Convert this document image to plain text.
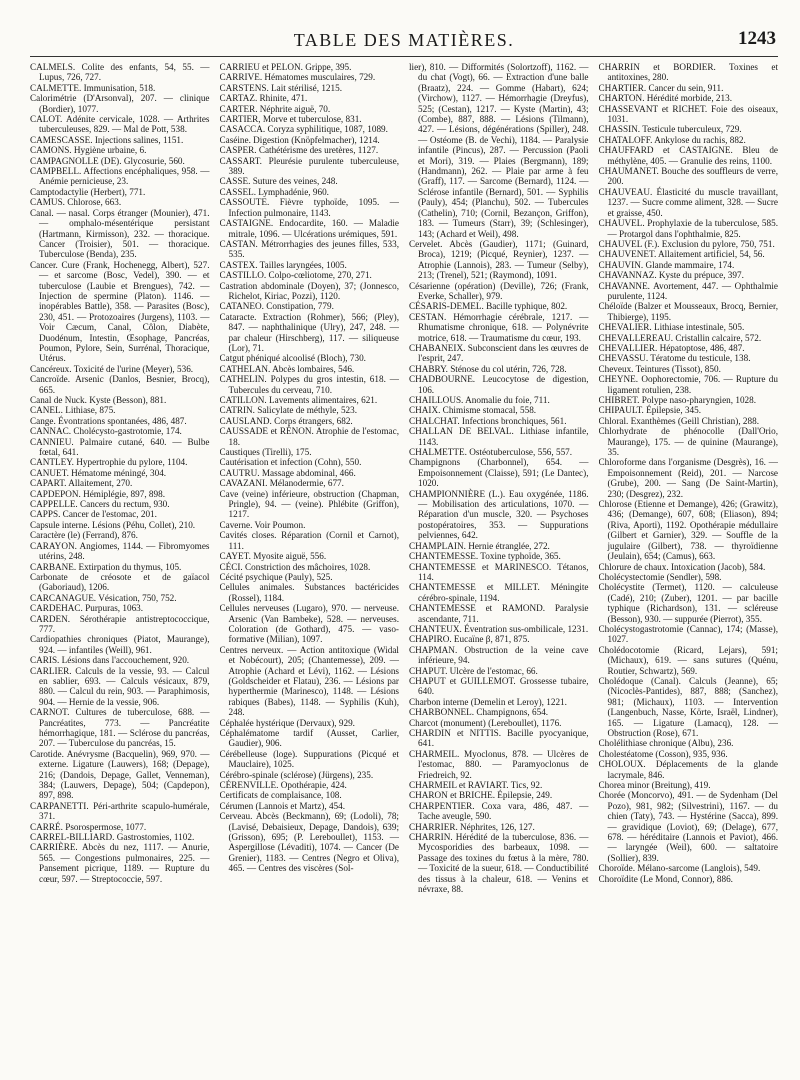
TABLE DES MATIÈRES.	1243

CALMELS. Colite des enfants, 54, 55. — Lupus, 726, 727.

CALMETTE. Immunisation, 518.

Calorimétrie (D'Arsonval), 207. — clinique (Bordier), 1077.

CALOT. Adénite cervicale, 1028. — Arthrites tuberculeuses, 829. — Mal de Pott, 538.

CAMESCASSE. Injections salines, 1151.

CAMONS. Hygiène urbaine, 6.

CAMPAGNOLLE (DE). Glycosurie, 560.

CAMPBELL. Affections encéphaliques, 958. — Anémie pernicieuse, 23.

Camptodactylie (Herbert), 771.

CAMUS. Chlorose, 663.

Canal. — nasal. Corps étranger (Mounier), 471. — omphalo-mésentérique persistant (Hartmann, Kirmisson), 232. — thoracique. Cancer (Troisier), 501. — thoracique. Tuberculose (Benda), 235.

Cancer. Cure (Frank, Hochenegg, Albert), 527. — et sarcome (Bosc, Vedel), 390. — et tuberculose (Laubie et Brengues), 742. — Injection de sperminе (Platon). 1146. — inopérables Battle), 358. — Parasites (Bosc), 230, 451. — Protozoaires (Jurgens), 1103. — Voir Cæcum, Canal, Côlon, Diabète, Duodénum, Intestin, Œsophage, Pancréas, Poumon, Pylore, Sein, Surrénal, Thoracique, Utérus.

Cancéreux. Toxicité de l'urine (Meyer), 536.

Cancroïde. Arsenic (Danlos, Besnier, Brocq), 665.

Canal de Nuck. Kyste (Besson), 881.

CANEL. Lithiase, 875.

Cange. Évontrations spontanées, 486, 487.

CANNAC. Cholécysto-gastrotomie, 174.

CANNIEU. Palmaire cutané, 640. — Bulbe fœtal, 641.

CANTLEY. Hypertrophie du pylore, 1104.

CANUET. Hématome méningé, 304.

CAPART. Allaitement, 270.

CAPDEPON. Hémiplégie, 897, 898.

CAPPELLE. Cancers du rectum, 930.

CAPPS. Cancer de l'estomac, 201.

Capsule interne. Lésions (Péhu, Collet), 210.

Caractère (le) (Ferrand), 876.

CARAYON. Angiomes, 1144. — Fibromyomes utérins, 248.

CARBANE. Extirpation du thymus, 105.

Carbonate de créosote et de gaïacol (Gaboriaud), 1206.

CARCANAGUE. Vésication, 750, 752.

CARDEHAC. Purpuras, 1063.

CARDEN. Sérothérapie antistreptococcique, 777.

Cardiopathies chroniques (Piatot, Maurange), 924. — infantiles (Weill), 961.

CARIS. Lésions dans l'accouchement, 920.

CARLIER. Calculs de la vessie, 93. — Calcul en sablier, 693. — Calculs vésicaux, 879, 880. — Calcul du rein, 903. — Paraphimosis, 904. — Hernie de la vessie, 906.

CARNOT. Cultures de tuberculose, 688. — Pancréatites, 773. — Pancréatite hémorrhagique, 181. — Sclérose du pancréas, 207. — Tuberculose du pancréas, 15.

Carotide. Anévrysme (Bacquelin), 969, 970. — externe. Ligature (Lauwers), 168; (Depage), 216; (Dandois, Depage, Gallet, Venneman), 384; (Lauwers, Depage), 504; (Capdepon), 897, 898.

CARPANETTI. Péri-arthrite scapulo-humérale, 371.

CARRÉ. Psorospermose, 1077.

CARREL-BILLIARD. Gastrostomies, 1102.

CARRIÈRE. Abcès du nez, 1117. — Anurie, 565. — Congestions pulmonaires, 225. — Pansement picrique, 1189. — Rupture du cœur, 597. — Streptococcie, 597.

CARRIEU et PELON. Grippe, 395.

CARRIVE. Hématomes musculaires, 729.

CARSTENS. Lait stérilisé, 1215.

CARTAZ. Rhinite, 471.

CARTER. Néphrite aiguë, 70.

CARTIER, Morve et tuberculose, 831.

CASACCA. Coryza syphilitique, 1087, 1089.

Caséine. Digestion (Knöpfelmacher), 1214.

CASPER. Cathétérisme des uretères, 1127.

CASSART. Pleurésie purulente tuberculeuse, 389.

CASSE. Suture des veines, 248.

CASSEL. Lymphadénie, 960.

CASSOUTE. Fièvre typhoïde, 1095. — Infection pulmonaire, 1143.

CASTAIGNE. Endocardite, 160. — Maladie mitrale, 1096. — Ulcérations urémiques, 591.

CASTAN. Métrorrhagies des jeunes filles, 533, 535.

CASTEX. Tailles laryngées, 1005.

CASTILLO. Colpo-cœliotome, 270, 271.

Castration abdominale (Doyen), 37; (Jonnesco, Richelot, Kiriac, Pozzi), 1120.

CATANEO. Constipation, 779.

Cataracte. Extraction (Rohmer), 566; (Pley), 847. — naphthalinique (Ulry), 247, 248. — par chaleur (Hirschberg), 117. — siliqueuse (Lor), 71.

Catgut phéniqué alcoolisé (Bloch), 730.

CATHELAN. Abcès lombaires, 546.

CATHELIN. Polypes du gros intestin, 618. — Tubercules du cerveau, 710.

CATILLON. Lavements alimentaires, 621.

CATRIN. Salicylate de méthyle, 523.

CAUSLAND. Corps étrangers, 682.

CAUSSADE et RÉNON. Atrophie de l'estomac, 18.

Caustiques (Tirelli), 175.

Cautérisation et infection (Cohn), 550.

CAUTRU. Massage abdominal, 466.

CAVAZANI. Mélanodermie, 677.

Cave (veine) inférieure, obstruction (Chapman, Pringle), 94. — (veine). Phlébite (Griffon), 1217.

Caverne. Voir Poumon.

Cavités closes. Réparation (Cornil et Carnot), 111.

CAYET. Myosite aiguë, 556.

CÉCI. Constriction des mâchoires, 1028.

Cécité psychique (Pauly), 525.

Cellules animales. Substances bactéricides (Rossel), 1184.

Cellules nerveuses (Lugaro), 970. — nerveuse. Arsenic (Van Bambeke), 528. — nerveuses. Coloration (de Gothard), 475. — vaso-formative (Milian), 1097.

Centres nerveux. — Action antitoxique (Widal et Nobécourt), 205; (Chantemesse), 209. — Atrophie (Achard et Lévi), 1162. — Lésions (Goldscheider et Flatau), 236. — Lésions par hyperthermie (Marinesco), 1148. — Lésions rabiques (Babes), 1148. — Syphilis (Kuh), 248.

Céphalée hystérique (Dervaux), 929.

Céphalématome tardif (Ausset, Carlier, Gaudier), 906.

Cérébelleuse (loge). Suppurations (Picqué et Mauclaire), 1025.

Cérébro-spinale (sclérose) (Jürgens), 235.

CÉRENVILLE. Opothérapie, 424.

Certificats de complaisance, 108.

Cérumen (Lannois et Martz), 454.

Cerveau. Abcès (Beckmann), 69; (Lodoli), 78; (Lavisé, Debaisieux, Depage, Dandois), 639; (Grisson), 695; (P. Lereboullet), 1153. — Aspergillose (Lévaditi), 1074. — Cancer (De Grenier), 1183. — Centres (Negro et Oliva), 465. — Centres des viscères (Sol-

lier), 810. — Difformités (Solortzoff), 1162. — du chat (Vogt), 66. — Extraction d'une balle (Braatz), 224. — Gomme (Habart), 624; (Virchow), 1127. — Hémorrhagie (Dreyfus), 525; (Cestan), 1217. — Kyste (Martin), 43; (Combe), 887, 888. — Lésions (Tilmann), 427. — Lésions, dégénérations (Spiller), 248. — Ostéome (B. de Vechi), 1184. — Paralysie infantile (Pincus), 287. — Percussion (Paoli et Mori), 319. — Plaies (Bergmann), 189; (Handmann), 262. — Plaie par arme à feu (Graff), 117. — Sarcome (Bernard), 1124. — Sclérose infantile (Bernard), 501. — Syphilis (Pauly), 454; (Planchu), 502. — Tubercules (Cathelin), 710; (Cornil, Bezançon, Griffon), 183. — Tumeurs (Starr), 39; (Schlesinger), 143; (Achard et Weil), 498.

Cervelet. Abcès (Gaudier), 1171; (Guinard, Broca), 1219; (Picqué, Reynier), 1237. — Atrophie (Lannois), 283. — Tumeur (Selby), 213; (Trenel), 521; (Raymond), 1091.

Césarienne (opération) (Deville), 726; (Frank, Everke, Schaller), 979.

CÉSARIS-DEMEL. Bacille typhique, 802.

CESTAN. Hémorrhagie cérébrale, 1217. — Rhumatisme chronique, 618. — Polynévrite motrice, 618. — Traumatisme du cœur, 193.

CHABANEIX. Subconscient dans les œuvres de l'esprit, 247.

CHABRY. Sténose du col utérin, 726, 728.

CHADBOURNE. Leucocytose de digestion, 106.

CHAILLOUS. Anomalie du foie, 711.

CHAIX. Chimisme stomacal, 558.

CHALCHAT. Infections bronchiques, 561.

CHALLAN DE BELVAL. Lithiase infantile, 1143.

CHALMETTE. Ostéotuberculose, 556, 557.

Champignons (Charbonnel), 654. — Empoisonnement (Claisse), 591; (Le Dantec), 1020.

CHAMPIONNIÈRE (L.). Eau oxygénée, 1186. — Mobilisation des articulations, 1070. — Réparation d'un muscle, 320. — Psychoses postopératoires, 353. — Suppurations pelviennes, 642.

CHAMPLAIN. Hernie étranglée, 272.

CHANTEMESSE. Toxine typhoïde, 365.

CHANTEMESSE et MARINESCO. Tétanos, 114.

CHANTEMESSE et MILLET. Méningite cérébro-spinale, 1194.

CHANTEMESSE et RAMOND. Paralysie ascendante, 711.

CHANTEUX. Éventration sus-ombilicale, 1231.

CHAPIRO. Eucaïne β, 871, 875.

CHAPMAN. Obstruction de la veine cave inférieure, 94.

CHAPUT. Ulcère de l'estomac, 66.

CHAPUT et GUILLEMOT. Grossesse tubaire, 640.

Charbon interne (Demelin et Leroy), 1221.

CHARBONNEL. Champignons, 654.

Charcot (monument) (Lereboullet), 1176.

CHARDIN et NITTIS. Bacille pyocyanique, 641.

CHARMEIL. Myoclonus, 878. — Ulcères de l'estomac, 880. — Paramyoclonus de Friedreich, 92.

CHARMEIL et RAVIART. Tics, 92.

CHARON et BRICHE. Épilepsie, 249.

CHARPENTIER. Coxa vara, 486, 487. — Tache aveugle, 590.

CHARRIER. Néphrites, 126, 127.

CHARRIN. Hérédité de la tuberculose, 836. — Mycosporidies des barbeaux, 1098. — Passage des toxines du fœtus à la mère, 780. — Toxicité de la sueur, 618. — Conductibilité des tissus à la chaleur, 618. — Venins et névraxe, 88.

CHARRIN et BORDIER. Toxines et antitoxines, 280.

CHARTIER. Cancer du sein, 911.

CHARTON. Hérédité morbide, 213.

CHASSEVANT et RICHET. Foie des oiseaux, 1031.

CHASSIN. Testicule tuberculeux, 729.

CHATALOFF. Ankylose du rachis, 882.

CHAUFFARD et CASTAIGNE. Bleu de méthylène, 405. — Granulie des reins, 1100.

CHAUMANET. Bouche des souffleurs de verre, 200.

CHAUVEAU. Élasticité du muscle travaillant, 1237. — Sucre comme aliment, 328. — Sucre et graisse, 450.

CHAUVEL. Prophylaxie de la tuberculose, 585. — Protargol dans l'ophthalmie, 825.

CHAUVEL (F.). Exclusion du pylore, 750, 751.

CHAUVENET. Allaitement artificiel, 54, 56.

CHAUVIN. Glande mammaire, 174.

CHAVANNAZ. Kyste du prépuce, 397.

CHAVANNE. Avortement, 447. — Ophthalmie purulente, 1124.

Chéloïde (Balzer et Mousseaux, Brocq, Bernier, Thibierge), 1195.

CHEVALIER. Lithiase intestinale, 505.

CHEVALLEREAU. Cristallin calcaire, 572.

CHEVALLIER. Hépatoptose, 486, 487.

CHEVASSU. Tératome du testicule, 138.

Cheveux. Teintures (Tissot), 850.

CHEYNE. Oophorectomie, 706. — Rupture du ligament rotulien, 238.

CHIBRET. Polype naso-pharyngien, 1028.

CHIPAULT. Épilepsie, 345.

Chloral. Exanthèmes (Geill Christian), 288.

Chlorhydrate de phénocolle (Dall'Orio, Maurange), 175. — de quinine (Maurange), 35.

Chloroforme dans l'organisme (Desgrès), 16. — Empoisonnement (Reid), 201. — Narcose (Grube), 200. — Sang (De Saint-Martin), 230; (Desgrez), 232.

Chlorose (Etienne et Demange), 426; (Grawitz), 436; (Demange), 607, 608; (Eliason), 894; (Riva, Aporti), 1192. Opothérapie médullaire (Gilbert et Garnier), 329. — Souffle de la jugulaire (Gilbert), 738. — thyroïdienne (Jeulain), 654; (Camus), 663.

Chlorure de chaux. Intoxication (Jacob), 584.

Cholécystectomie (Sendler), 598.

Cholécystite (Termet), 1120. — calculeuse (Cadé), 210; (Zuber), 1201. — par bacille typhique (Richardson), 131. — scléreuse (Besson), 930. — suppurée (Pierrot), 355.

Cholécystogastrotomie (Cannac), 174; (Masse), 1027.

Cholédocotomie (Ricard, Lejars), 591; (Michaux), 619. — sans sutures (Quénu, Routier, Schwartz), 569.

Cholédoque (Canal). Calculs (Jeanne), 65; (Nicoclès-Pantides), 887, 888; (Sanchez), 981; (Michaux), 1103. — Intervention (Langenbuch, Nasse, Körte, Israël, Lindner), 165. — Ligature (Lamacq), 128. — Obstruction (Rose), 671.

Cholélithiase chronique (Albu), 236.

Cholestéatome (Cosson), 935, 936.

CHOLOUX. Déplacements de la glande lacrymale, 846.

Chorea minor (Breitung), 419.

Chorée (Moncorvo), 491. — de Sydenham (Del Pozo), 981, 982; (Silvestrini), 1167. — du chien (Taty), 743. — Hystérine (Sacca), 899. — gravidique (Loviot), 69; (Delage), 677, 678. — héréditaire (Lannois et Paviot), 466. — laryngée (Weil), 600. — saltatoire (Sollier), 839.

Choroïde. Mélano-sarcome (Langlois), 549.

Choroïdite (Le Mond, Connor), 886.
